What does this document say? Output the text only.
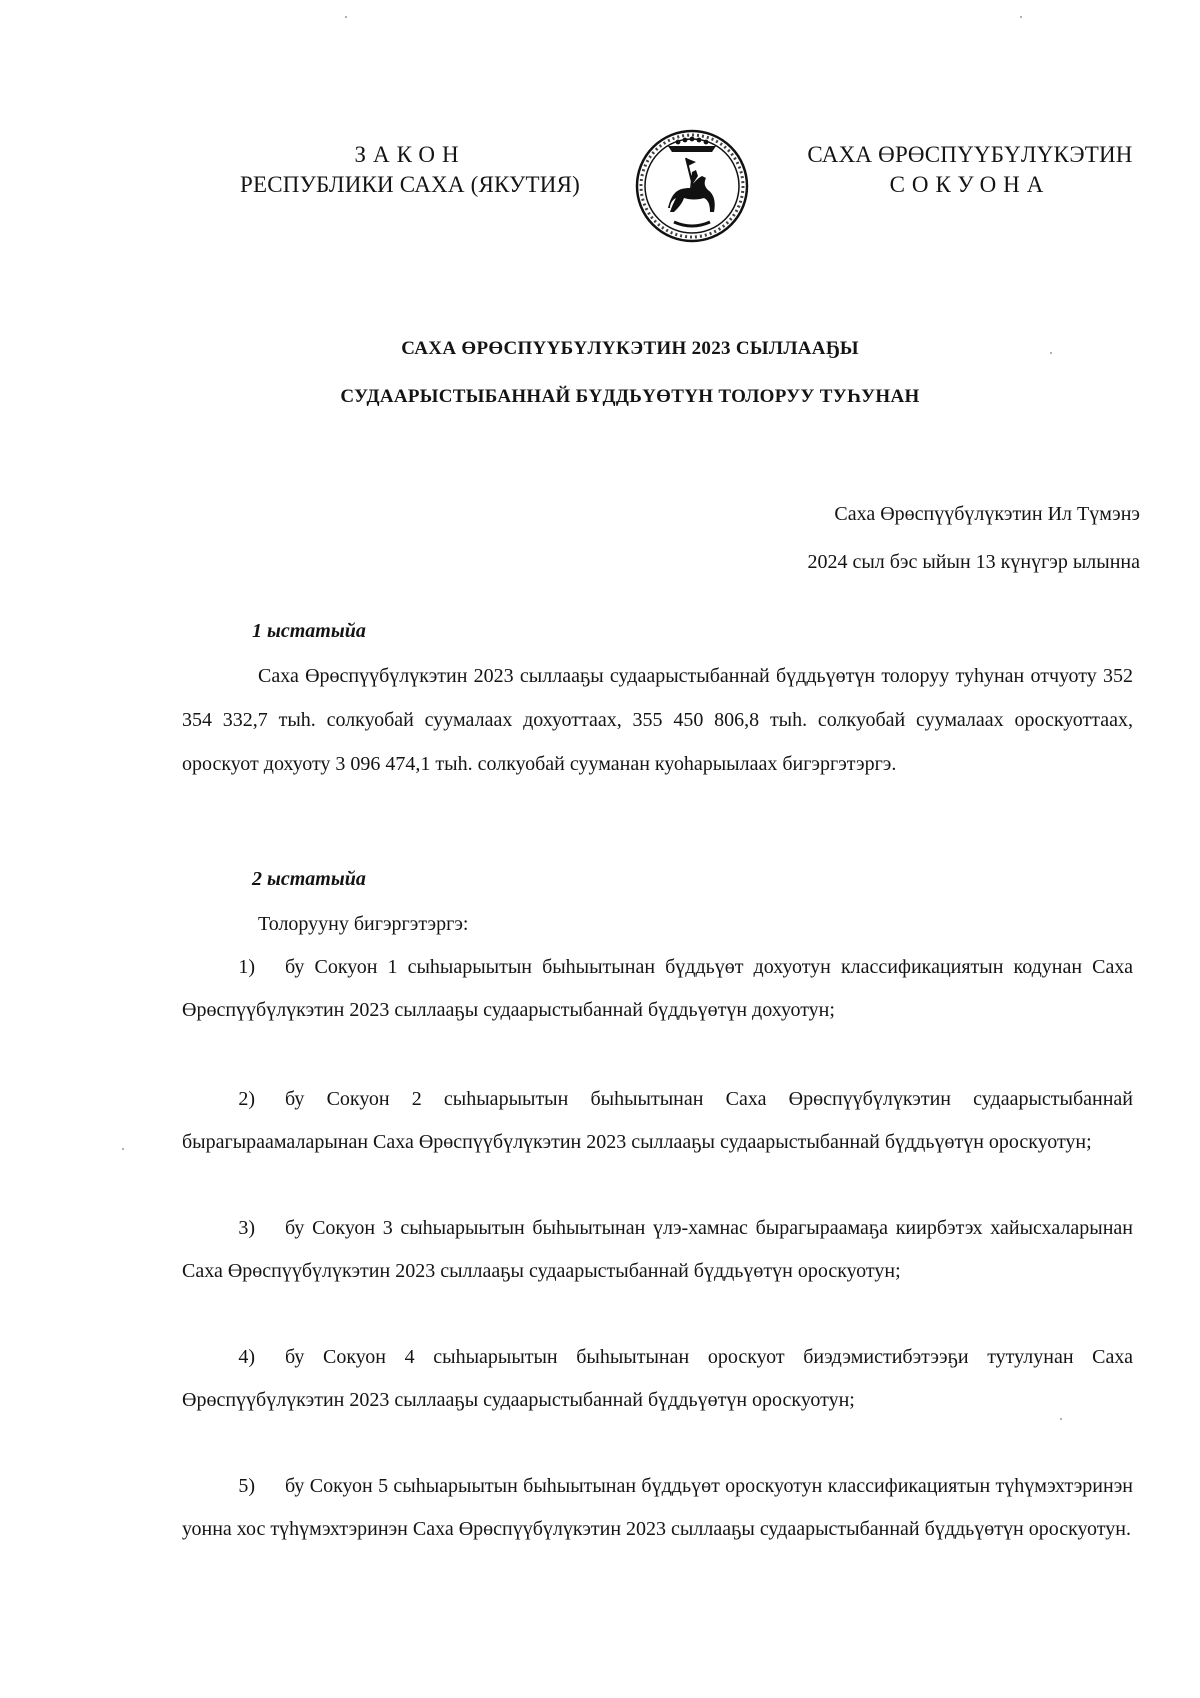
ЗАКОН
РЕСПУБЛИКИ САХА (ЯКУТИЯ)
САХА ӨРӨСПҮҮБҮЛҮКЭТИН
СОКУОНА
САХА ӨРӨСПҮҮБҮЛҮКЭТИН 2023 СЫЛЛААҔЫ
СУДААРЫСТЫБАННАЙ БҮДДЬҮӨТҮН ТОЛОРУУ ТУҺУНАН
Саха Өрөспүүбүлүкэтин Ил Түмэнэ
2024 сыл бэс ыйын 13 күнүгэр ылынна
1 ыстатыйа
Саха Өрөспүүбүлүкэтин 2023 сыллааҕы судаарыстыбаннай бүддьүөтүн толоруу туһунан отчуоту 352 354 332,7 тыһ. солкуобай суумалаах дохуоттаах, 355 450 806,8 тыһ. солкуобай суумалаах ороскуоттаах, ороскуот дохуоту 3 096 474,1 тыһ. солкуобай сууманан куоһарыылаах бигэргэтэргэ.
2 ыстатыйа
Толорууну бигэргэтэргэ:
1) бу Сокуон 1 сыһыарыытын быһыытынан бүддьүөт дохуотун классификациятын кодунан Саха Өрөспүүбүлүкэтин 2023 сыллааҕы судаарыстыбаннай бүддьүөтүн дохуотун;
2) бу Сокуон 2 сыһыарыытын быһыытынан Саха Өрөспүүбүлүкэтин судаарыстыбаннай бырагыраамаларынан Саха Өрөспүүбүлүкэтин 2023 сыллааҕы судаарыстыбаннай бүддьүөтүн ороскуотун;
3) бу Сокуон 3 сыһыарыытын быһыытынан үлэ-хамнас бырагыраамаҕа киирбэтэх хайысхаларынан Саха Өрөспүүбүлүкэтин 2023 сыллааҕы судаарыстыбаннай бүддьүөтүн ороскуотун;
4) бу Сокуон 4 сыһыарыытын быһыытынан ороскуот биэдэмистибэтээҕи тутулунан Саха Өрөспүүбүлүкэтин 2023 сыллааҕы судаарыстыбаннай бүддьүөтүн ороскуотун;
5) бу Сокуон 5 сыһыарыытын быһыытынан бүддьүөт ороскуотун классификациятын түһүмэхтэринэн уонна хос түһүмэхтэринэн Саха Өрөспүүбүлүкэтин 2023 сыллааҕы судаарыстыбаннай бүддьүөтүн ороскуотун.
